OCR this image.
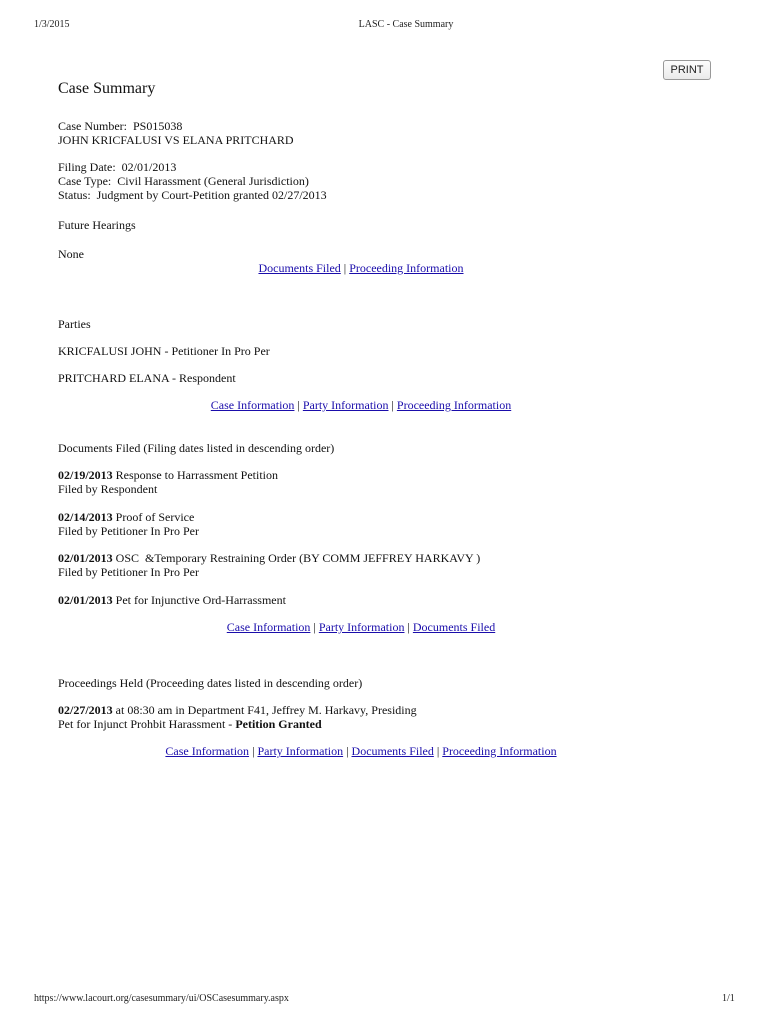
1/3/2015	LASC - Case Summary
PRINT
Case Summary
Case Number: PS015038
JOHN KRICFALUSI VS ELANA PRITCHARD
Filing Date: 02/01/2013
Case Type: Civil Harassment (General Jurisdiction)
Status: Judgment by Court-Petition granted 02/27/2013
Future Hearings
None
Documents Filed | Proceeding Information
Parties
KRICFALUSI JOHN - Petitioner In Pro Per
PRITCHARD ELANA - Respondent
Case Information | Party Information | Proceeding Information
Documents Filed (Filing dates listed in descending order)
02/19/2013 Response to Harrassment Petition
Filed by Respondent
02/14/2013 Proof of Service
Filed by Petitioner In Pro Per
02/01/2013 OSC  &Temporary Restraining Order (BY COMM JEFFREY HARKAVY )
Filed by Petitioner In Pro Per
02/01/2013 Pet for Injunctive Ord-Harrassment
Case Information | Party Information | Documents Filed
Proceedings Held (Proceeding dates listed in descending order)
02/27/2013 at 08:30 am in Department F41, Jeffrey M. Harkavy, Presiding
Pet for Injunct Prohbit Harassment - Petition Granted
Case Information | Party Information | Documents Filed | Proceeding Information
https://www.lacourt.org/casesummary/ui/OSCasesummary.aspx	1/1
